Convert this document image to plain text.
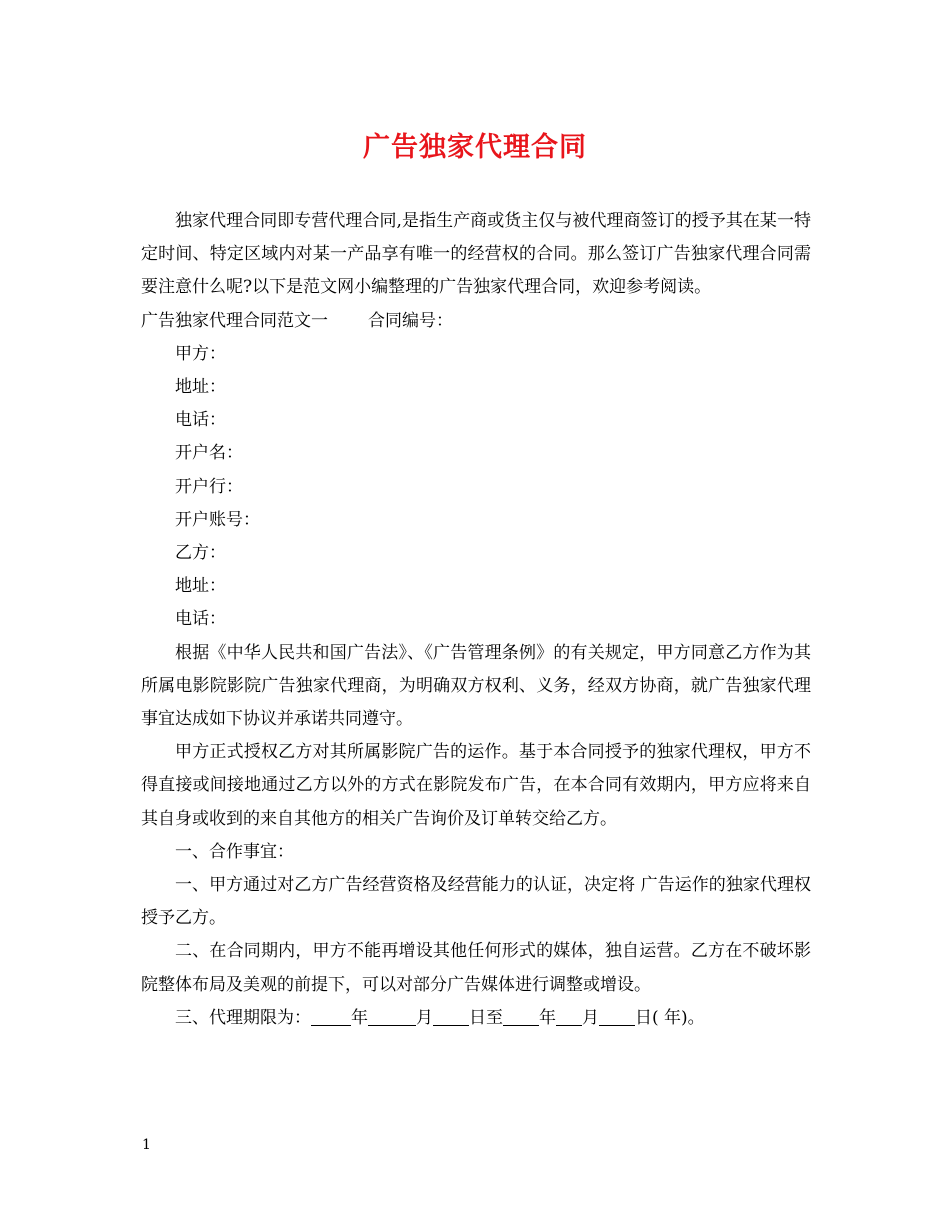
广告独家代理合同

独家代理合同即专营代理合同,是指生产商或货主仅与被代理商签订的授予其在某一特定时间、特定区域内对某一产品享有唯一的经营权的合同。那么签订广告独家代理合同需要注意什么呢?以下是范文网小编整理的广告独家代理合同，欢迎参考阅读。

广告独家代理合同范文一 合同编号：

甲方：

地址：

电话：

开户名：

开户行：

开户账号：

乙方：

地址：

电话：

根据《中华人民共和国广告法》、《广告管理条例》的有关规定，甲方同意乙方作为其所属电影院影院广告独家代理商，为明确双方权利、义务，经双方协商，就广告独家代理事宜达成如下协议并承诺共同遵守。

甲方正式授权乙方对其所属影院广告的运作。基于本合同授予的独家代理权，甲方不得直接或间接地通过乙方以外的方式在影院发布广告，在本合同有效期内，甲方应将来自其自身或收到的来自其他方的相关广告询价及订单转交给乙方。

一、合作事宜：

一、甲方通过对乙方广告经营资格及经营能力的认证，决定将 广告运作的独家代理权授予乙方。

二、在合同期内，甲方不能再增设其他任何形式的媒体，独自运营。乙方在不破坏影院整体布局及美观的前提下，可以对部分广告媒体进行调整或增设。

三、代理期限为： 年	月 日至 年 月 日( 年)。

1
